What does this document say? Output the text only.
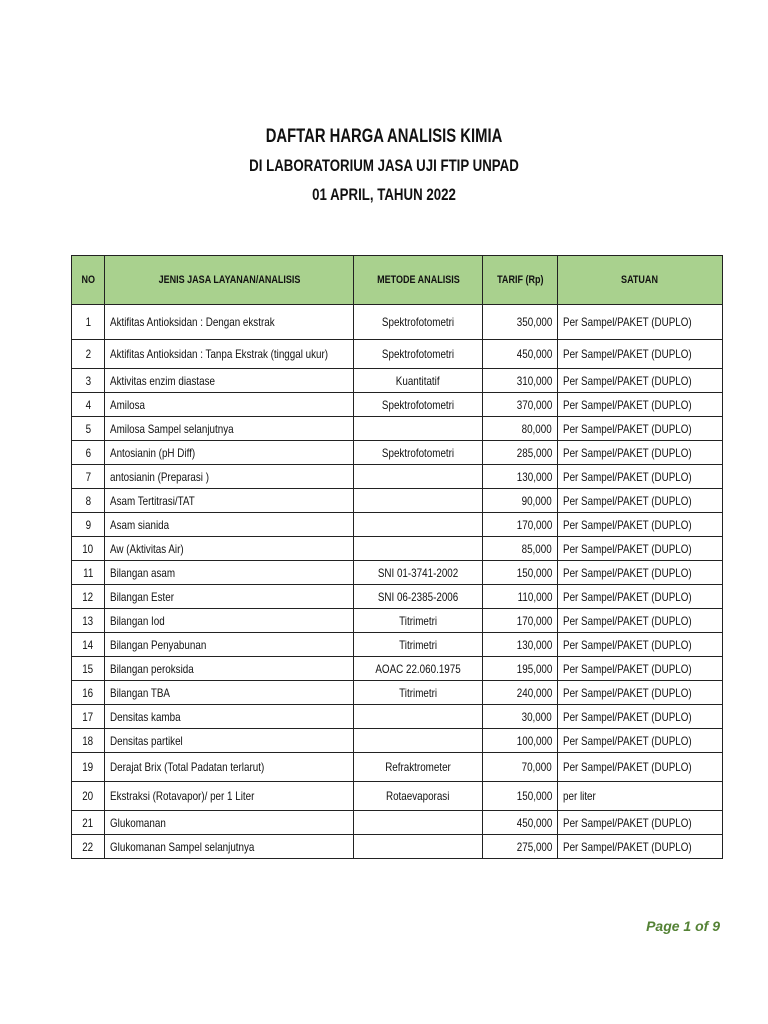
DAFTAR HARGA ANALISIS KIMIA
DI LABORATORIUM JASA UJI FTIP UNPAD
01 APRIL, TAHUN 2022
NO	JENIS JASA LAYANAN/ANALISIS	METODE ANALISIS	TARIF (Rp)	SATUAN
1	Aktifitas Antioksidan : Dengan ekstrak	Spektrofotometri	350,000	Per Sampel/PAKET (DUPLO)
2	Aktifitas Antioksidan : Tanpa Ekstrak (tinggal ukur)	Spektrofotometri	450,000	Per Sampel/PAKET (DUPLO)
3	Aktivitas enzim diastase	Kuantitatif	310,000	Per Sampel/PAKET (DUPLO)
4	Amilosa	Spektrofotometri	370,000	Per Sampel/PAKET (DUPLO)
5	Amilosa Sampel selanjutnya		80,000	Per Sampel/PAKET (DUPLO)
6	Antosianin (pH Diff)	Spektrofotometri	285,000	Per Sampel/PAKET (DUPLO)
7	antosianin (Preparasi )		130,000	Per Sampel/PAKET (DUPLO)
8	Asam Tertitrasi/TAT		90,000	Per Sampel/PAKET (DUPLO)
9	Asam sianida		170,000	Per Sampel/PAKET (DUPLO)
10	Aw (Aktivitas Air)		85,000	Per Sampel/PAKET (DUPLO)
11	Bilangan asam	SNI 01-3741-2002	150,000	Per Sampel/PAKET (DUPLO)
12	Bilangan Ester	SNI 06-2385-2006	110,000	Per Sampel/PAKET (DUPLO)
13	Bilangan Iod	Titrimetri	170,000	Per Sampel/PAKET (DUPLO)
14	Bilangan Penyabunan	Titrimetri	130,000	Per Sampel/PAKET (DUPLO)
15	Bilangan peroksida	AOAC 22.060.1975	195,000	Per Sampel/PAKET (DUPLO)
16	Bilangan TBA	Titrimetri	240,000	Per Sampel/PAKET (DUPLO)
17	Densitas kamba		30,000	Per Sampel/PAKET (DUPLO)
18	Densitas partikel		100,000	Per Sampel/PAKET (DUPLO)
19	Derajat Brix (Total Padatan terlarut)	Refraktrometer	70,000	Per Sampel/PAKET (DUPLO)
20	Ekstraksi (Rotavapor)/ per 1 Liter	Rotaevaporasi	150,000	per liter
21	Glukomanan		450,000	Per Sampel/PAKET (DUPLO)
22	Glukomanan Sampel selanjutnya		275,000	Per Sampel/PAKET (DUPLO)
Page 1 of 9
